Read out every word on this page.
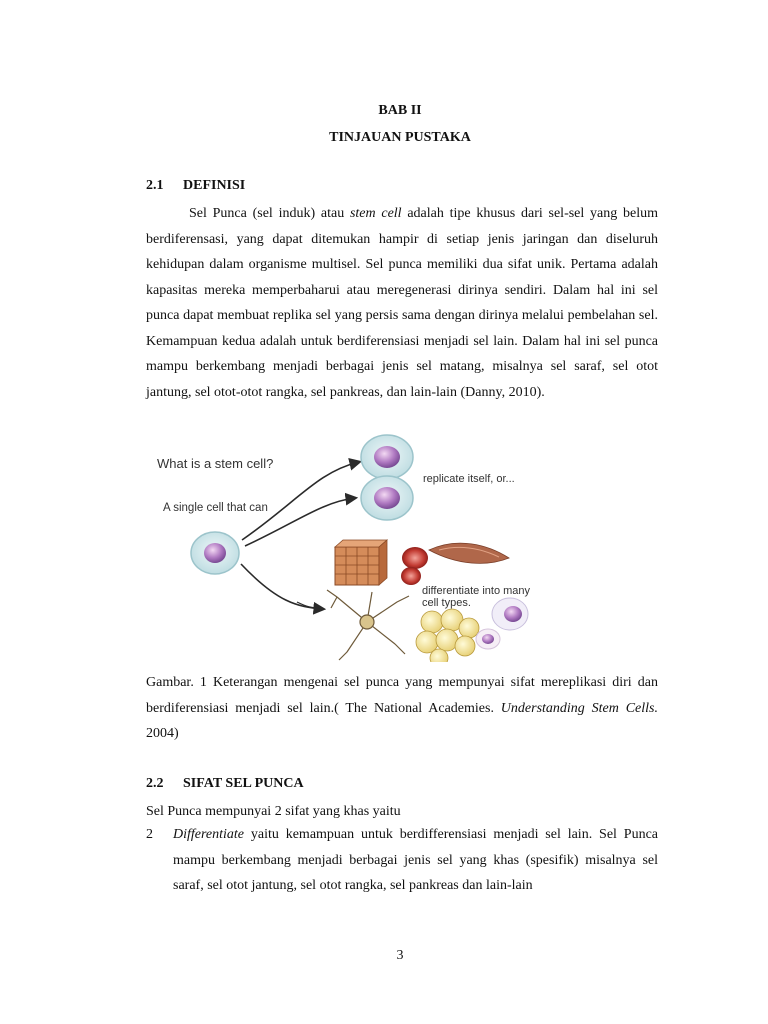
BAB II
TINJAUAN PUSTAKA
2.1 DEFINISI

Sel Punca (sel induk) atau stem cell adalah tipe khusus dari sel-sel yang belum berdiferensasi, yang dapat ditemukan hampir di setiap jenis jaringan dan diseluruh kehidupan dalam organisme multisel. Sel punca memiliki dua sifat unik. Pertama adalah kapasitas mereka memperbaharui atau meregenerasi dirinya sendiri. Dalam hal ini sel punca dapat membuat replika sel yang persis sama dengan dirinya melalui pembelahan sel. Kemampuan kedua adalah untuk berdiferensiasi menjadi sel lain. Dalam hal ini sel punca mampu berkembang menjadi berbagai jenis sel matang, misalnya sel saraf, sel otot jantung, sel otot-otot rangka, sel pankreas, dan lain-lain (Danny, 2010).

What is a stem cell?
A single cell that can
replicate itself, or...
differentiate into many
cell types.

Gambar. 1 Keterangan mengenai sel punca yang mempunyai sifat mereplikasi diri dan berdiferensiasi menjadi sel lain.( The National Academies. Understanding Stem Cells. 2004)

2.2 SIFAT SEL PUNCA

Sel Punca mempunyai 2 sifat yang khas yaitu

2 Differentiate yaitu kemampuan untuk berdifferensiasi menjadi sel lain. Sel Punca mampu berkembang menjadi berbagai jenis sel yang khas (spesifik) misalnya sel saraf, sel otot jantung, sel otot rangka, sel pankreas dan lain-lain
3
